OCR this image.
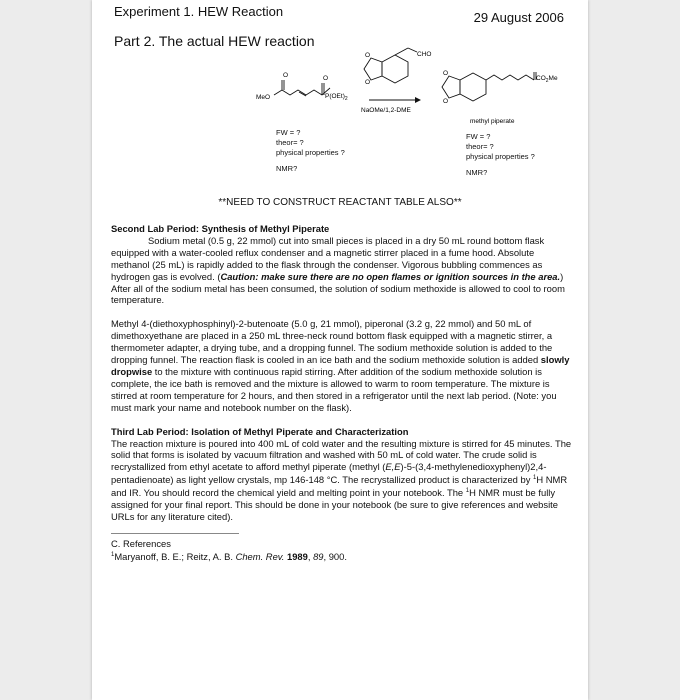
Experiment 1. HEW Reaction	29 August 2006
Part 2. The actual HEW reaction
MeO
O	O
$P(OEt)_2$
CHO
O
O
NaOMe/1,2-DME
O
O
$CO_2Me$
methyl piperate
FW = ?
theor= ?
physical properties ?
NMR?
FW = ?
theor= ?
physical properties ?
NMR?
**NEED TO CONSTRUCT REACTANT TABLE ALSO**

Second Lab Period: Synthesis of Methyl Piperate

Sodium metal (0.5 g, 22 mmol) cut into small pieces is placed in a dry 50 mL round bottom flask equipped with a water-cooled reflux condenser and a magnetic stirrer placed in a fume hood. Absolute methanol (25 mL) is rapidly added to the flask through the condenser. Vigorous bubbling commences as hydrogen gas is evolved. (Caution: make sure there are no open flames or ignition sources in the area.) After all of the sodium metal has been consumed, the solution of sodium methoxide is allowed to cool to room temperature.

Methyl 4-(diethoxyphosphinyl)-2-butenoate (5.0 g, 21 mmol), piperonal (3.2 g, 22 mmol) and 50 mL of dimethoxyethane are placed in a 250 mL three-neck round bottom flask equipped with a magnetic stirrer, a thermometer adapter, a drying tube, and a dropping funnel. The sodium methoxide solution is added to the dropping funnel. The reaction flask is cooled in an ice bath and the sodium methoxide solution is added slowly dropwise to the mixture with continuous rapid stirring. After addition of the sodium methoxide solution is complete, the ice bath is removed and the mixture is allowed to warm to room temperature. The mixture is stirred at room temperature for 2 hours, and then stored in a refrigerator until the next lab period. (Note: you must mark your name and notebook number on the flask).

Third Lab Period: Isolation of Methyl Piperate and Characterization

The reaction mixture is poured into 400 mL of cold water and the resulting mixture is stirred for 45 minutes. The solid that forms is isolated by vacuum filtration and washed with 50 mL of cold water. The crude solid is recrystallized from ethyl acetate to afford methyl piperate (methyl (E,E)-5-(3,4-methylenedioxyphenyl)2,4-pentadienoate) as light yellow crystals, mp 146-148 °C. The recrystallized product is characterized by $^1$H NMR and IR. You should record the chemical yield and melting point in your notebook. The $^1$H NMR must be fully assigned for your final report. This should be done in your notebook (be sure to give references and website URLs for any literature cited).

C. References

$^1$Maryanoff, B. E.; Reitz, A. B. Chem. Rev. 1989, 89, 900.
